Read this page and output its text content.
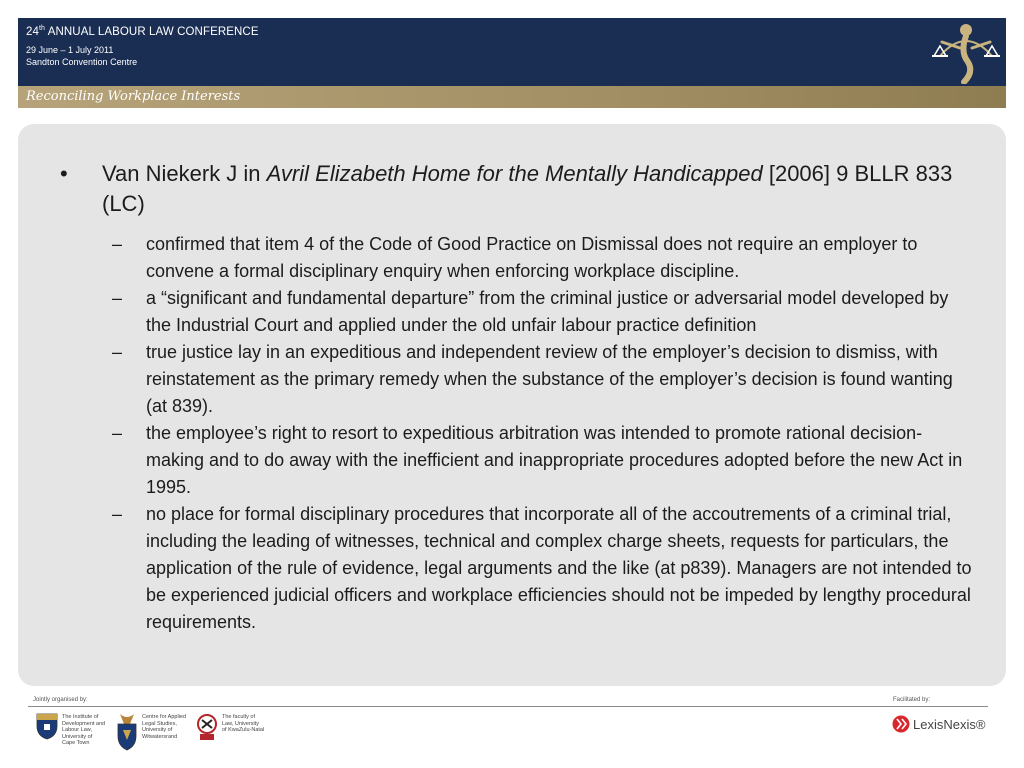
24th ANNUAL LABOUR LAW CONFERENCE
29 June – 1 July 2011
Sandton Convention Centre
Reconciling Workplace Interests
• Van Niekerk J in Avril Elizabeth Home for the Mentally Handicapped [2006] 9 BLLR 833 (LC)
– confirmed that item 4 of the Code of Good Practice on Dismissal does not require an employer to convene a formal disciplinary enquiry when enforcing workplace discipline.
– a “significant and fundamental departure” from the criminal justice or adversarial model developed by the Industrial Court and applied under the old unfair labour practice definition
– true justice lay in an expeditious and independent review of the employer’s decision to dismiss, with reinstatement as the primary remedy when the substance of the employer’s decision is found wanting (at 839).
– the employee’s right to resort to expeditious arbitration was intended to promote rational decision-making and to do away with the inefficient and inappropriate procedures adopted before the new Act in 1995.
– no place for formal disciplinary procedures that incorporate all of the accoutrements of a criminal trial, including the leading of witnesses, technical and complex charge sheets, requests for particulars, the application of the rule of evidence, legal arguments and the like (at p839). Managers are not intended to be experienced judicial officers and workplace efficiencies should not be impeded by lengthy procedural requirements.
Jointly organised by:	Facilitated by:
The Institute of
Development and
Labour Law,
University of
Cape Town
Centre for Applied
Legal Studies,
University of
Witwatersrand
The faculty of
Law, University
of KwaZulu-Natal	LexisNexis®
